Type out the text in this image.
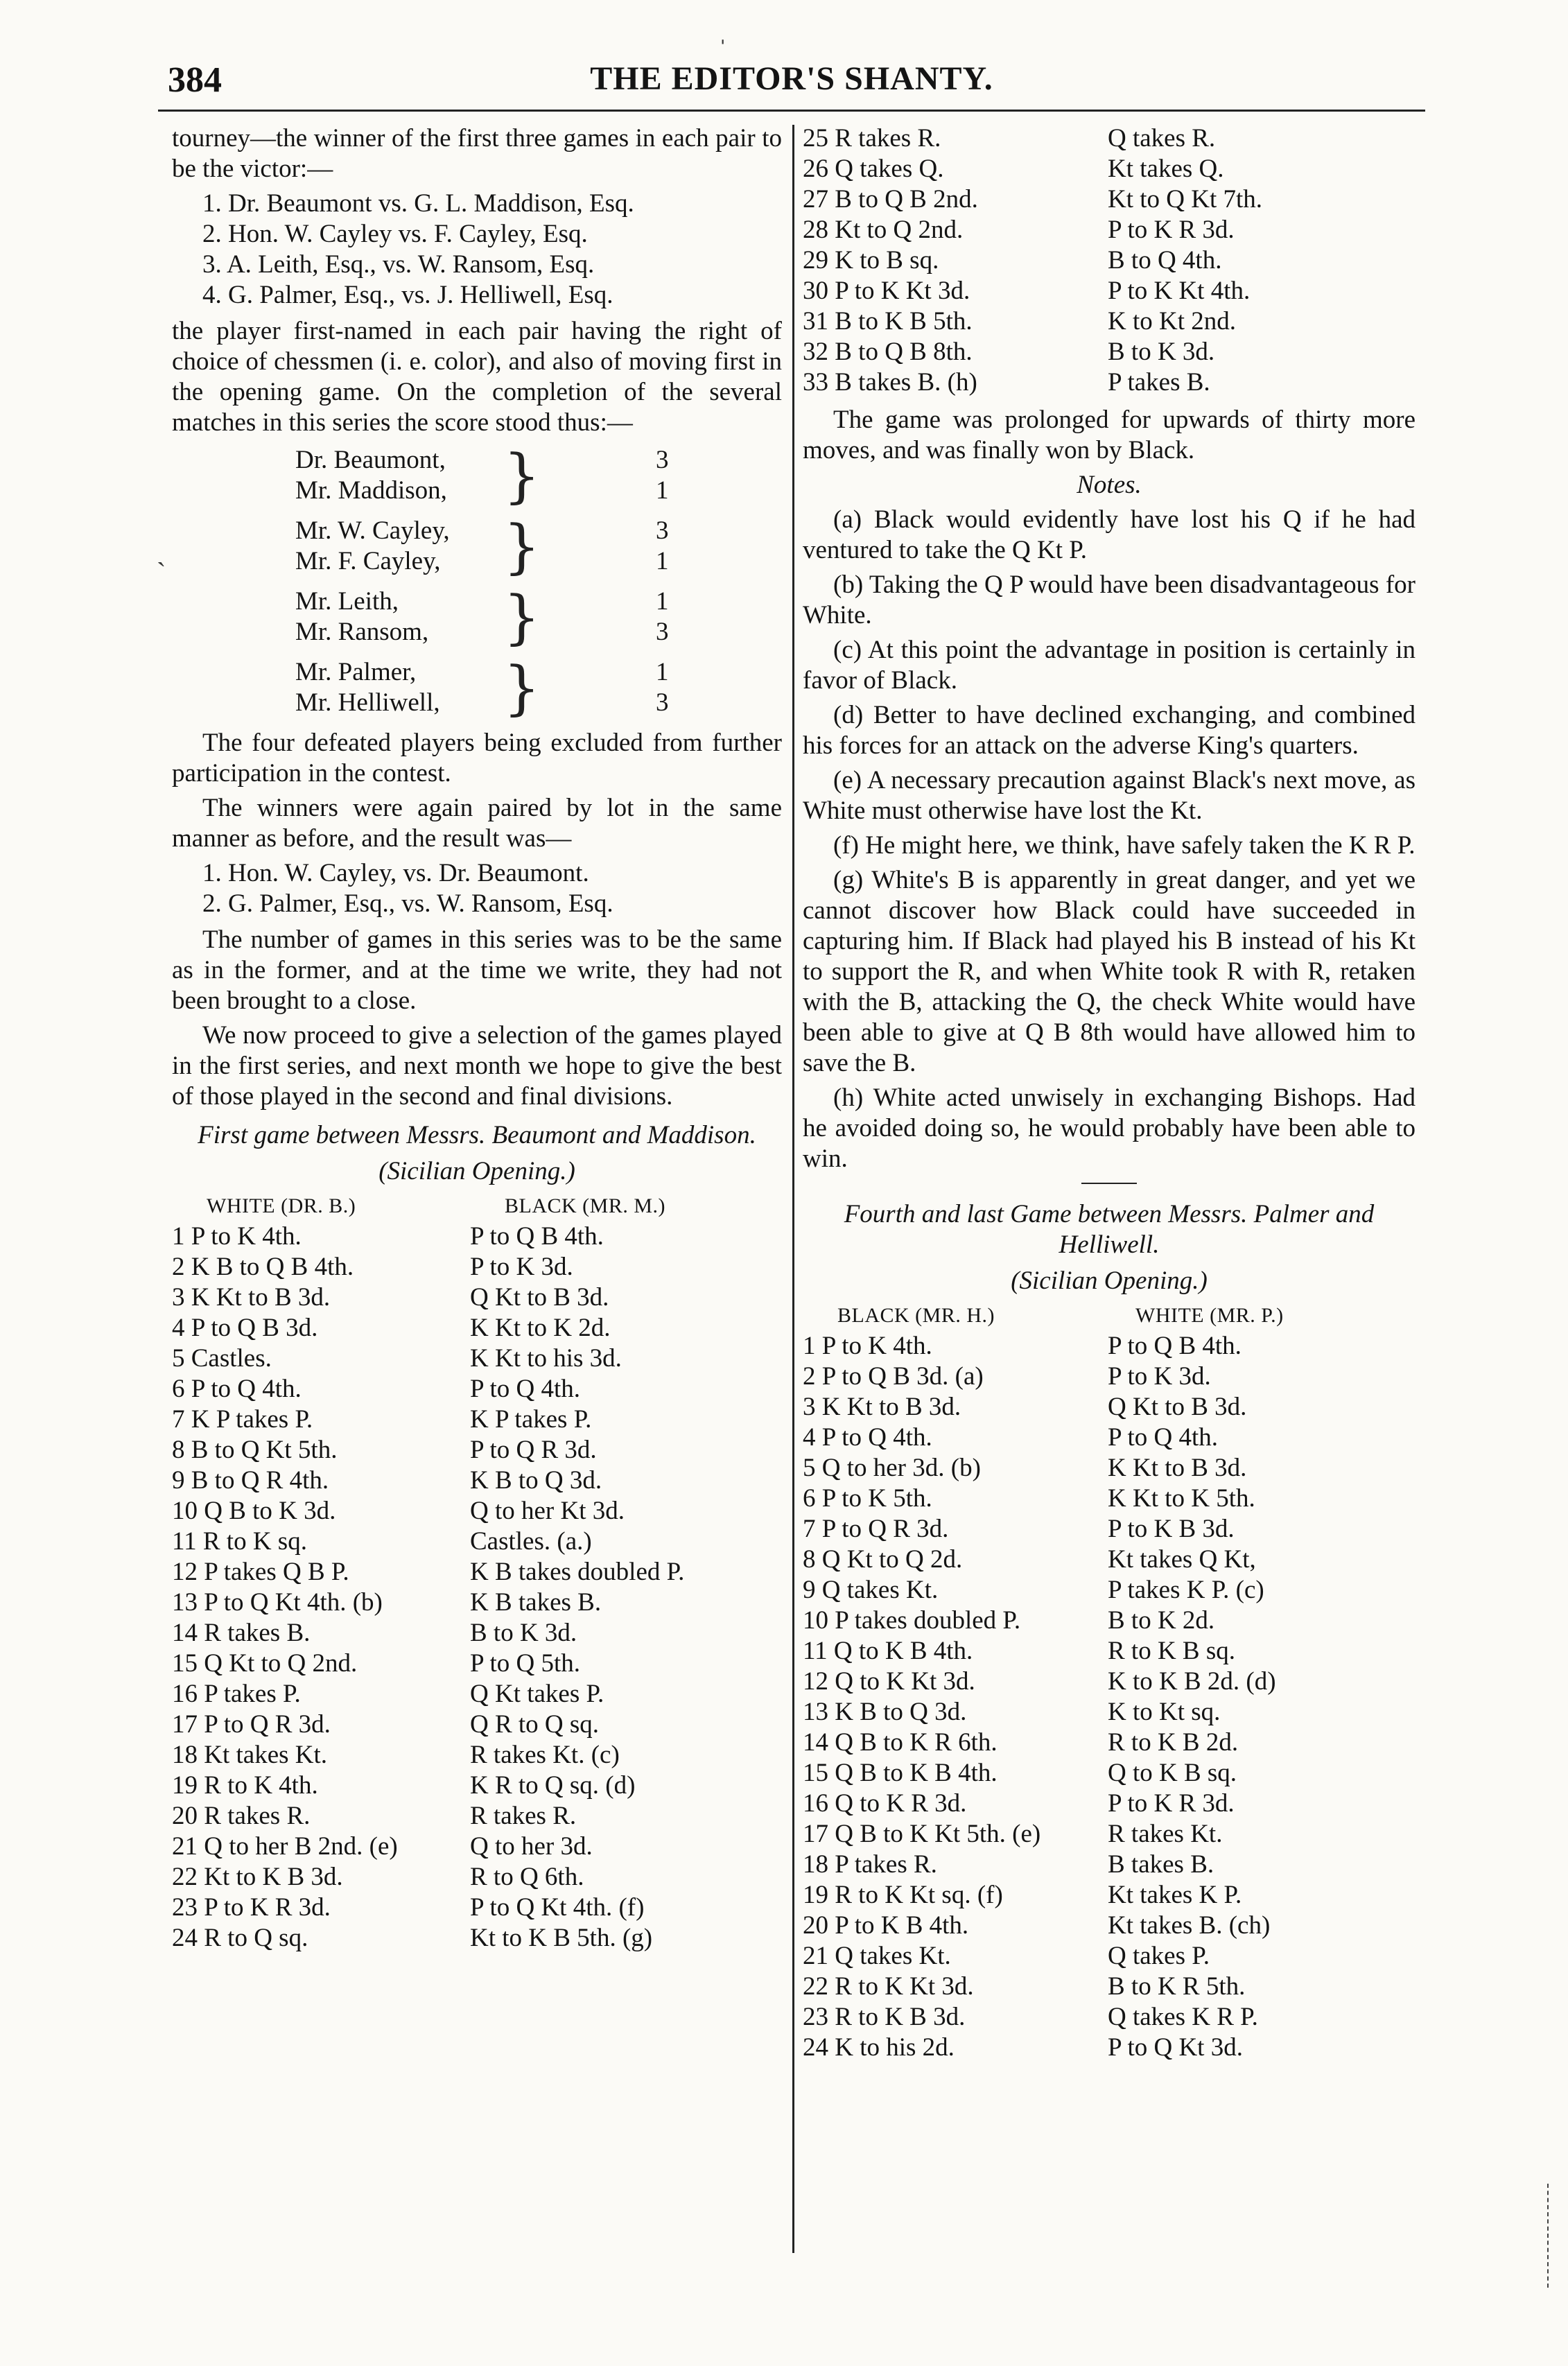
ˌ
`
384	THE EDITOR'S SHANTY.

tourney—the winner of the first three games in each pair to be the victor:—

1. Dr. Beaumont vs. G. L. Maddison, Esq.
2. Hon. W. Cayley vs. F. Cayley, Esq.
3. A. Leith, Esq., vs. W. Ransom, Esq.
4. G. Palmer, Esq., vs. J. Helliwell, Esq.

the player first-named in each pair having the right of choice of chessmen (i. e. color), and also of moving first in the opening game. On the completion of the several matches in this series the score stood thus:—

Dr. Beaumont,	3
Mr. Maddison,	1
}
Mr. W. Cayley,	3
Mr. F. Cayley,	1
}
Mr. Leith,	1
Mr. Ransom,	3
}
Mr. Palmer,	1
Mr. Helliwell,	3
}

The four defeated players being excluded from further participation in the contest.

The winners were again paired by lot in the same manner as before, and the result was—

1. Hon. W. Cayley, vs. Dr. Beaumont.
2. G. Palmer, Esq., vs. W. Ransom, Esq.

The number of games in this series was to be the same as in the former, and at the time we write, they had not been brought to a close.

We now proceed to give a selection of the games played in the first series, and next month we hope to give the best of those played in the second and final divisions.

First game between Messrs. Beaumont and Maddison.
(Sicilian Opening.)
WHITE (DR. B.)	BLACK (MR. M.)
1 P to K 4th.	P to Q B 4th.
2 K B to Q B 4th.	P to K 3d.
3 K Kt to B 3d.	Q Kt to B 3d.
4 P to Q B 3d.	K Kt to K 2d.
5 Castles.	K Kt to his 3d.
6 P to Q 4th.	P to Q 4th.
7 K P takes P.	K P takes P.
8 B to Q Kt 5th.	P to Q R 3d.
9 B to Q R 4th.	K B to Q 3d.
10 Q B to K 3d.	Q to her Kt 3d.
11 R to K sq.	Castles. (a.)
12 P takes Q B P.	K B takes doubled P.
13 P to Q Kt 4th. (b)	K B takes B.
14 R takes B.	B to K 3d.
15 Q Kt to Q 2nd.	P to Q 5th.
16 P takes P.	Q Kt takes P.
17 P to Q R 3d.	Q R to Q sq.
18 Kt takes Kt.	R takes Kt. (c)
19 R to K 4th.	K R to Q sq. (d)
20 R takes R.	R takes R.
21 Q to her B 2nd. (e)	Q to her 3d.
22 Kt to K B 3d.	R to Q 6th.
23 P to K R 3d.	P to Q Kt 4th. (f)
24 R to Q sq.	Kt to K B 5th. (g)
25 R takes R.	Q takes R.
26 Q takes Q.	Kt takes Q.
27 B to Q B 2nd.	Kt to Q Kt 7th.
28 Kt to Q 2nd.	P to K R 3d.
29 K to B sq.	B to Q 4th.
30 P to K Kt 3d.	P to K Kt 4th.
31 B to K B 5th.	K to Kt 2nd.
32 B to Q B 8th.	B to K 3d.
33 B takes B. (h)	P takes B.

The game was prolonged for upwards of thirty more moves, and was finally won by Black.

Notes.

(a) Black would evidently have lost his Q if he had ventured to take the Q Kt P.

(b) Taking the Q P would have been disadvantageous for White.

(c) At this point the advantage in position is certainly in favor of Black.

(d) Better to have declined exchanging, and combined his forces for an attack on the adverse King's quarters.

(e) A necessary precaution against Black's next move, as White must otherwise have lost the Kt.

(f) He might here, we think, have safely taken the K R P.

(g) White's B is apparently in great danger, and yet we cannot discover how Black could have succeeded in capturing him. If Black had played his B instead of his Kt to support the R, and when White took R with R, retaken with the B, attacking the Q, the check White would have been able to give at Q B 8th would have allowed him to save the B.

(h) White acted unwisely in exchanging Bishops. Had he avoided doing so, he would probably have been able to win.

Fourth and last Game between Messrs. Palmer and Helliwell.
(Sicilian Opening.)
BLACK (MR. H.)	WHITE (MR. P.)
1 P to K 4th.	P to Q B 4th.
2 P to Q B 3d. (a)	P to K 3d.
3 K Kt to B 3d.	Q Kt to B 3d.
4 P to Q 4th.	P to Q 4th.
5 Q to her 3d. (b)	K Kt to B 3d.
6 P to K 5th.	K Kt to K 5th.
7 P to Q R 3d.	P to K B 3d.
8 Q Kt to Q 2d.	Kt takes Q Kt,
9 Q takes Kt.	P takes K P. (c)
10 P takes doubled P.	B to K 2d.
11 Q to K B 4th.	R to K B sq.
12 Q to K Kt 3d.	K to K B 2d. (d)
13 K B to Q 3d.	K to Kt sq.
14 Q B to K R 6th.	R to K B 2d.
15 Q B to K B 4th.	Q to K B sq.
16 Q to K R 3d.	P to K R 3d.
17 Q B to K Kt 5th. (e)	R takes Kt.
18 P takes R.	B takes B.
19 R to K Kt sq. (f)	Kt takes K P.
20 P to K B 4th.	Kt takes B. (ch)
21 Q takes Kt.	Q takes P.
22 R to K Kt 3d.	B to K R 5th.
23 R to K B 3d.	Q takes K R P.
24 K to his 2d.	P to Q Kt 3d.
